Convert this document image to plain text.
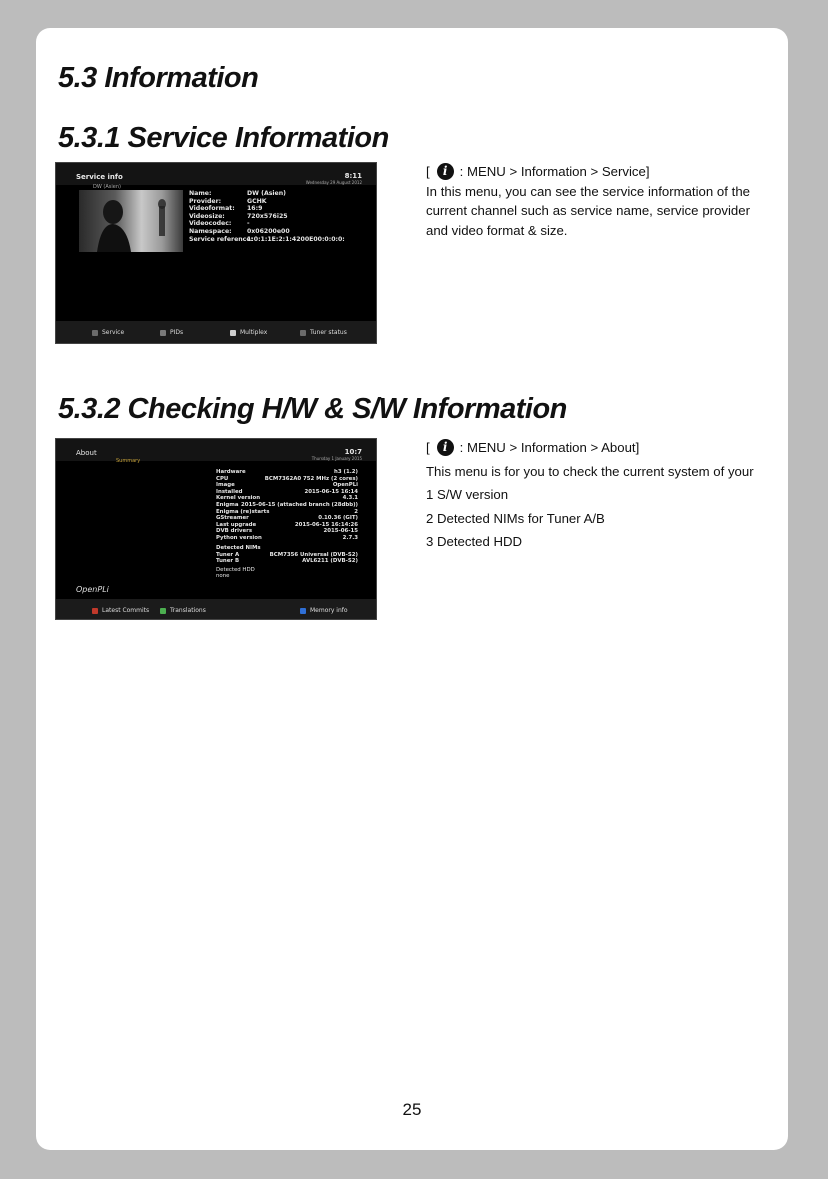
5.3 Information
5.3.1 Service Information
Service info	8:11
Wednesday 29 August 2012
DW (Asien)
Name:	DW (Asien)
Provider:	GCHK
Videoformat:	16:9
Videosize:	720x576i25
Videocodec:	-
Namespace:	0x06200e00
Service reference:
1:0:1:1E:2:1:4200E00:0:0:0:
Service	PIDs	Multiplex	Tuner status
[	i : MENU > Information > Service]

In this menu, you can see the service information of the current channel such as service name, service provider and video format & size.

5.3.2 Checking H/W & S/W Information
About	10:7
Thursday 1 January 2015
Summary
Hardware	h3 (1.2)
CPU	BCM7362A0 752 MHz (2 cores)
Image	OpenPLi
Installed	2015-06-15 16:14
Kernel version	4.3.1
Enigma 2015-06-15 (attached branch (28dbb))
Enigma (re)starts	2
GStreamer	0.10.36 (GIT)
Last upgrade	2015-06-15 16:14:26
DVB drivers	2015-06-15
Python version	2.7.3
Detected NIMs
Tuner A	BCM7356 Universal (DVB-S2)
Tuner B	AVL6211 (DVB-S2)
Detected HDD
none
OpenPLi
Latest Commits	Translations	Memory info
[	i : MENU > Information > About]

This menu is for you to check the current system of your

1 S/W version

2 Detected NIMs for Tuner A/B

3 Detected HDD

25
